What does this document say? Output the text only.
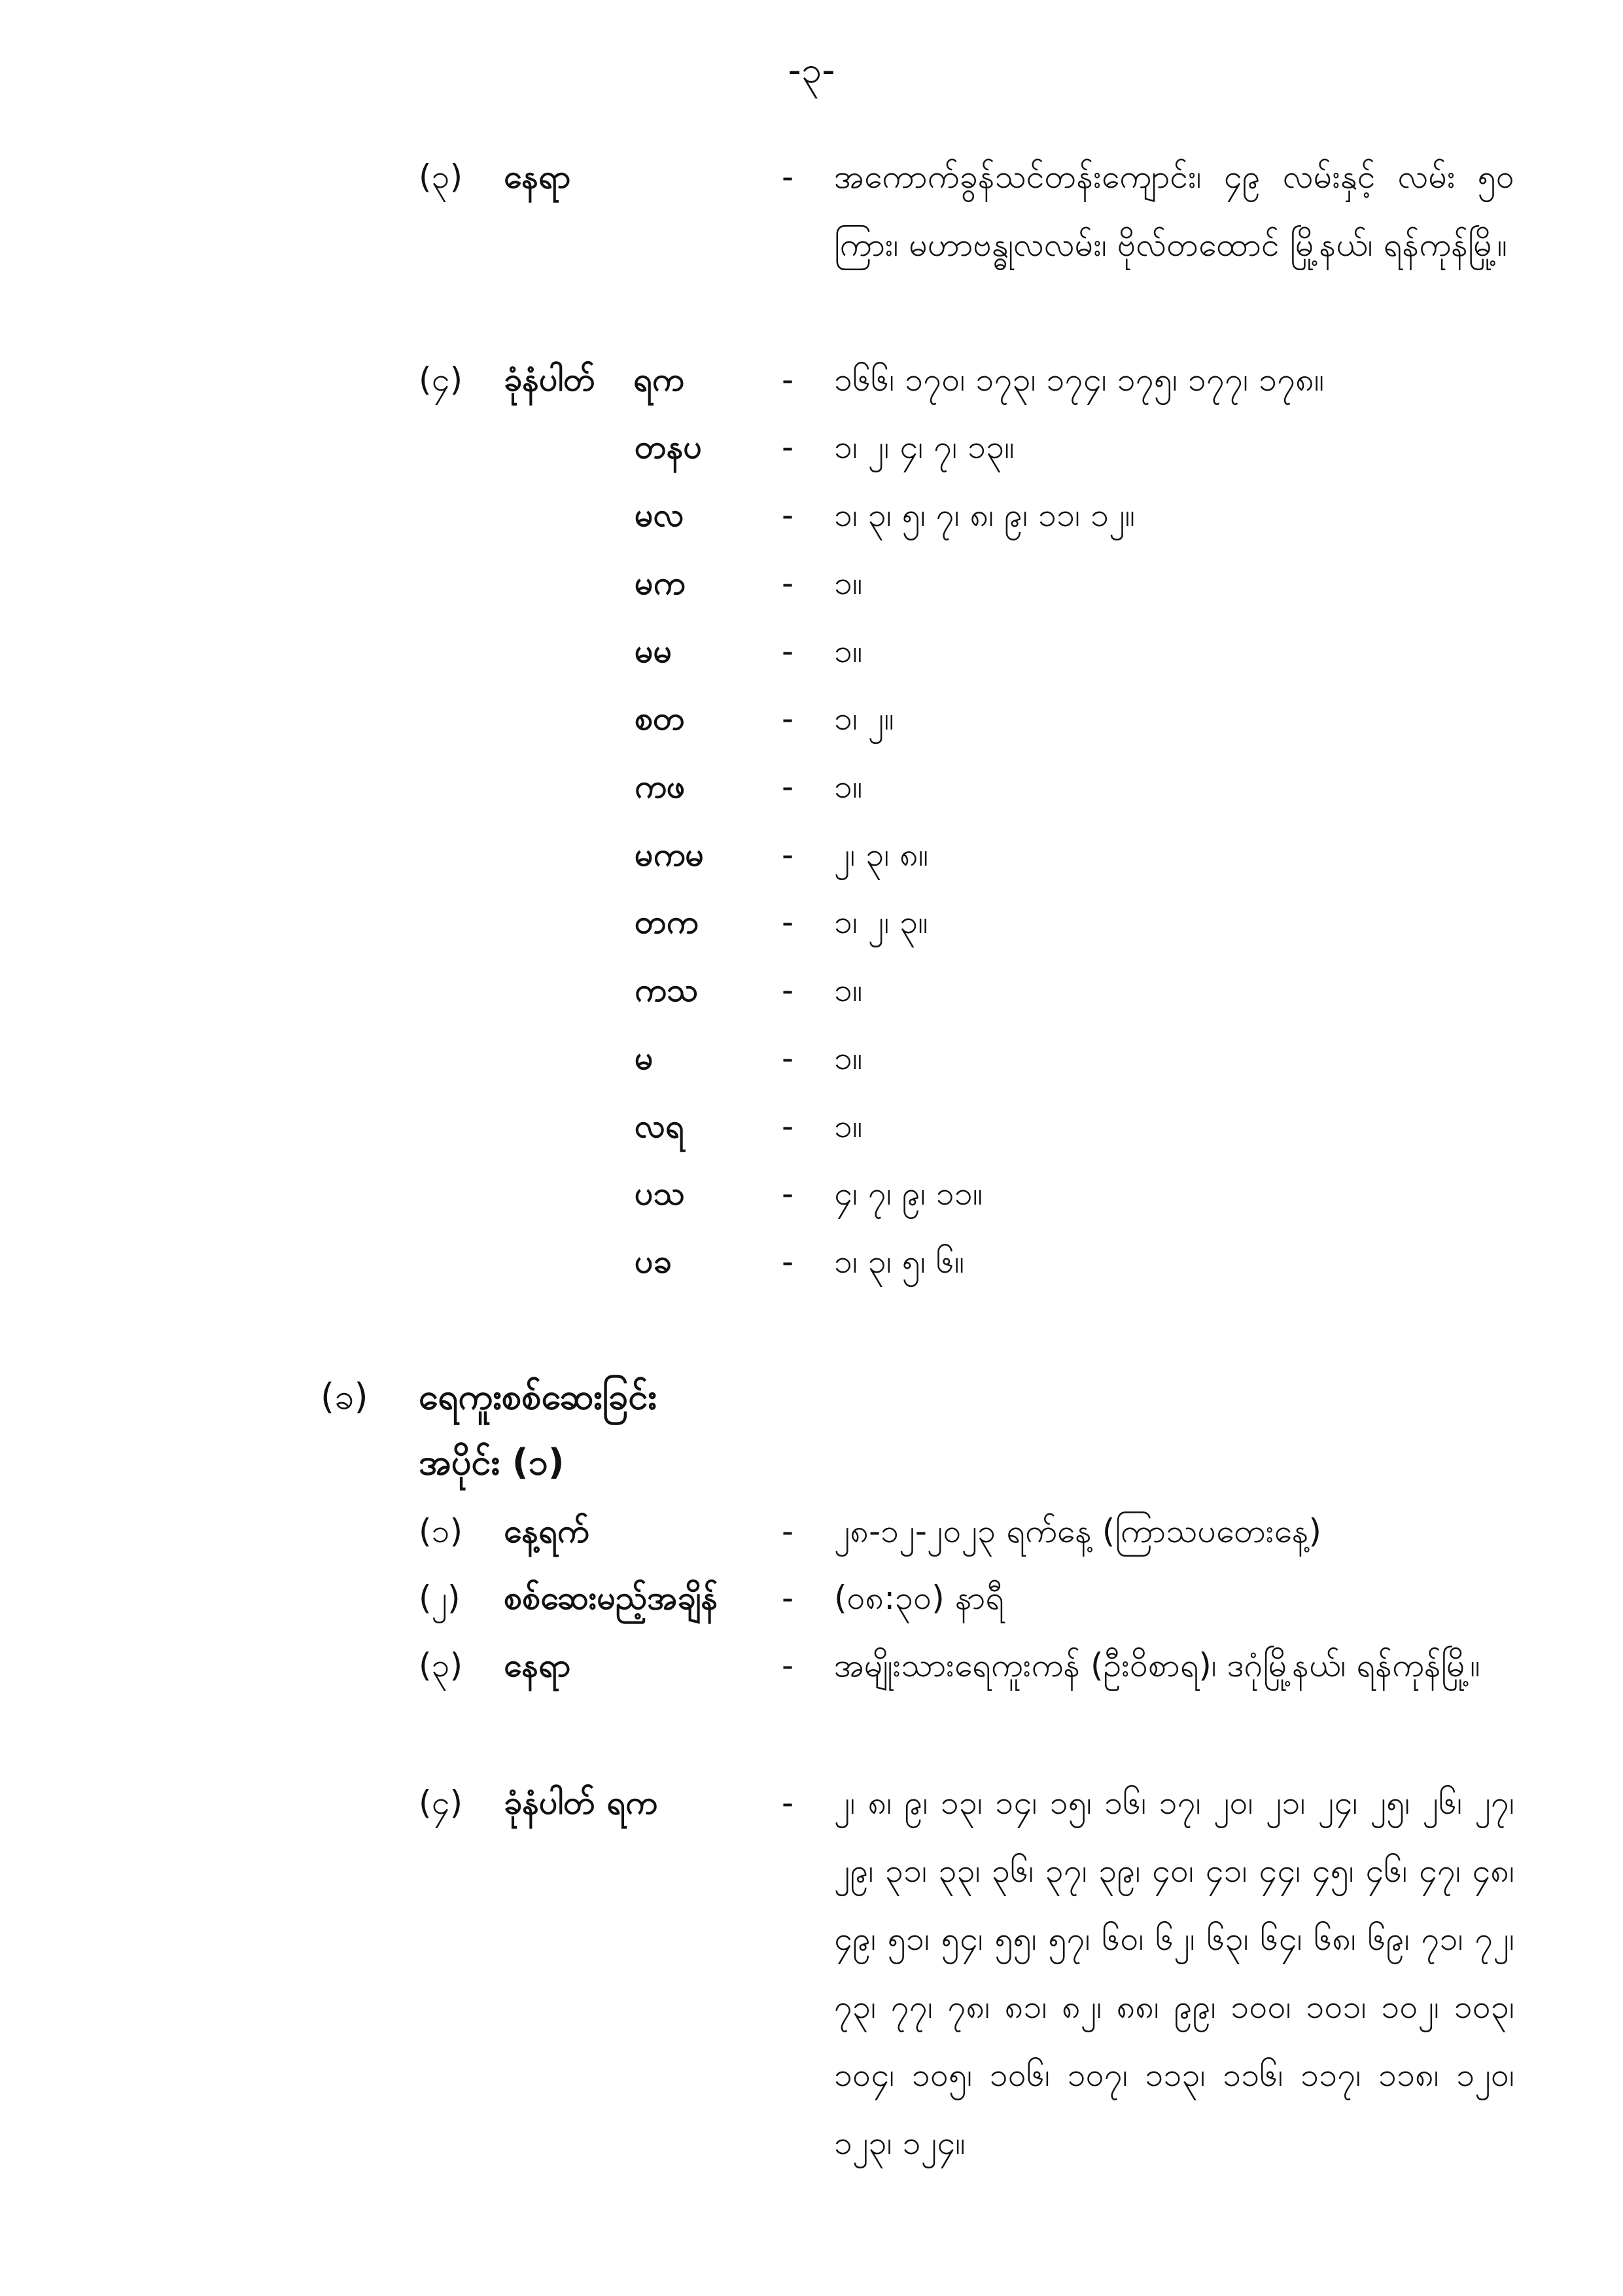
-၃-
(၃) နေရာ	- အကောက်ခွန်သင်တန်းကျောင်း၊ ၄၉ လမ်းနှင့် လမ်း ၅၀ ကြား၊ မဟာဗန္ဓုလလမ်း၊ ဗိုလ်တထောင် မြို့နယ်၊ ရန်ကုန်မြို့။
(၄) ခုံနံပါတ် ရက	- ၁၆၆၊ ၁၇၀၊ ၁၇၃၊ ၁၇၄၊ ၁၇၅၊ ၁၇၇၊ ၁၇၈။
တနပ - ၁၊ ၂၊ ၄၊ ၇၊ ၁၃။
မလ	- ၁၊ ၃၊ ၅၊ ၇၊ ၈၊ ၉၊ ၁၁၊ ၁၂။
မက	- ၁။
မမ	- ၁။
စတ	- ၁၊ ၂။
ကဖ	- ၁။
မကမ - ၂၊ ၃၊ ၈။
တက	- ၁၊ ၂၊ ၃။
ကသ	- ၁။
မ	- ၁။
လရ	- ၁။
ပသ	- ၄၊ ၇၊ ၉၊ ၁၁။
ပခ	- ၁၊ ၃၊ ၅၊ ၆။
(ခ) ရေကူးစစ်ဆေးခြင်း
အပိုင်း (၁)
(၁) နေ့ရက်	- ၂၈-၁၂-၂၀၂၃ ရက်နေ့ (ကြာသပတေးနေ့)
(၂) စစ်ဆေးမည့်အချိန် - (၀၈:၃၀) နာရီ
(၃) နေရာ	- အမျိုးသားရေကူးကန် (ဦးဝိစာရ)၊ ဒဂုံမြို့နယ်၊ ရန်ကုန်မြို့။
(၄) ခုံနံပါတ် ရက	- ၂၊ ၈၊ ၉၊ ၁၃၊ ၁၄၊ ၁၅၊ ၁၆၊ ၁၇၊ ၂၀၊ ၂၁၊ ၂၄၊ ၂၅၊ ၂၆၊ ၂၇၊ ၂၉၊ ၃၁၊ ၃၃၊ ၃၆၊ ၃၇၊ ၃၉၊ ၄၀၊ ၄၁၊ ၄၄၊ ၄၅၊ ၄၆၊ ၄၇၊ ၄၈၊ ၄၉၊ ၅၁၊ ၅၄၊ ၅၅၊ ၅၇၊ ၆၀၊ ၆၂၊ ၆၃၊ ၆၄၊ ၆၈၊ ၆၉၊ ၇၁၊ ၇၂၊ ၇၃၊ ၇၇၊ ၇၈၊ ၈၁၊ ၈၂၊ ၈၈၊ ၉၉၊ ၁၀၀၊ ၁၀၁၊ ၁၀၂၊ ၁၀၃၊ ၁၀၄၊ ၁၀၅၊ ၁၀၆၊ ၁၀၇၊ ၁၁၃၊ ၁၁၆၊ ၁၁၇၊ ၁၁၈၊ ၁၂၀၊ ၁၂၃၊ ၁၂၄။
